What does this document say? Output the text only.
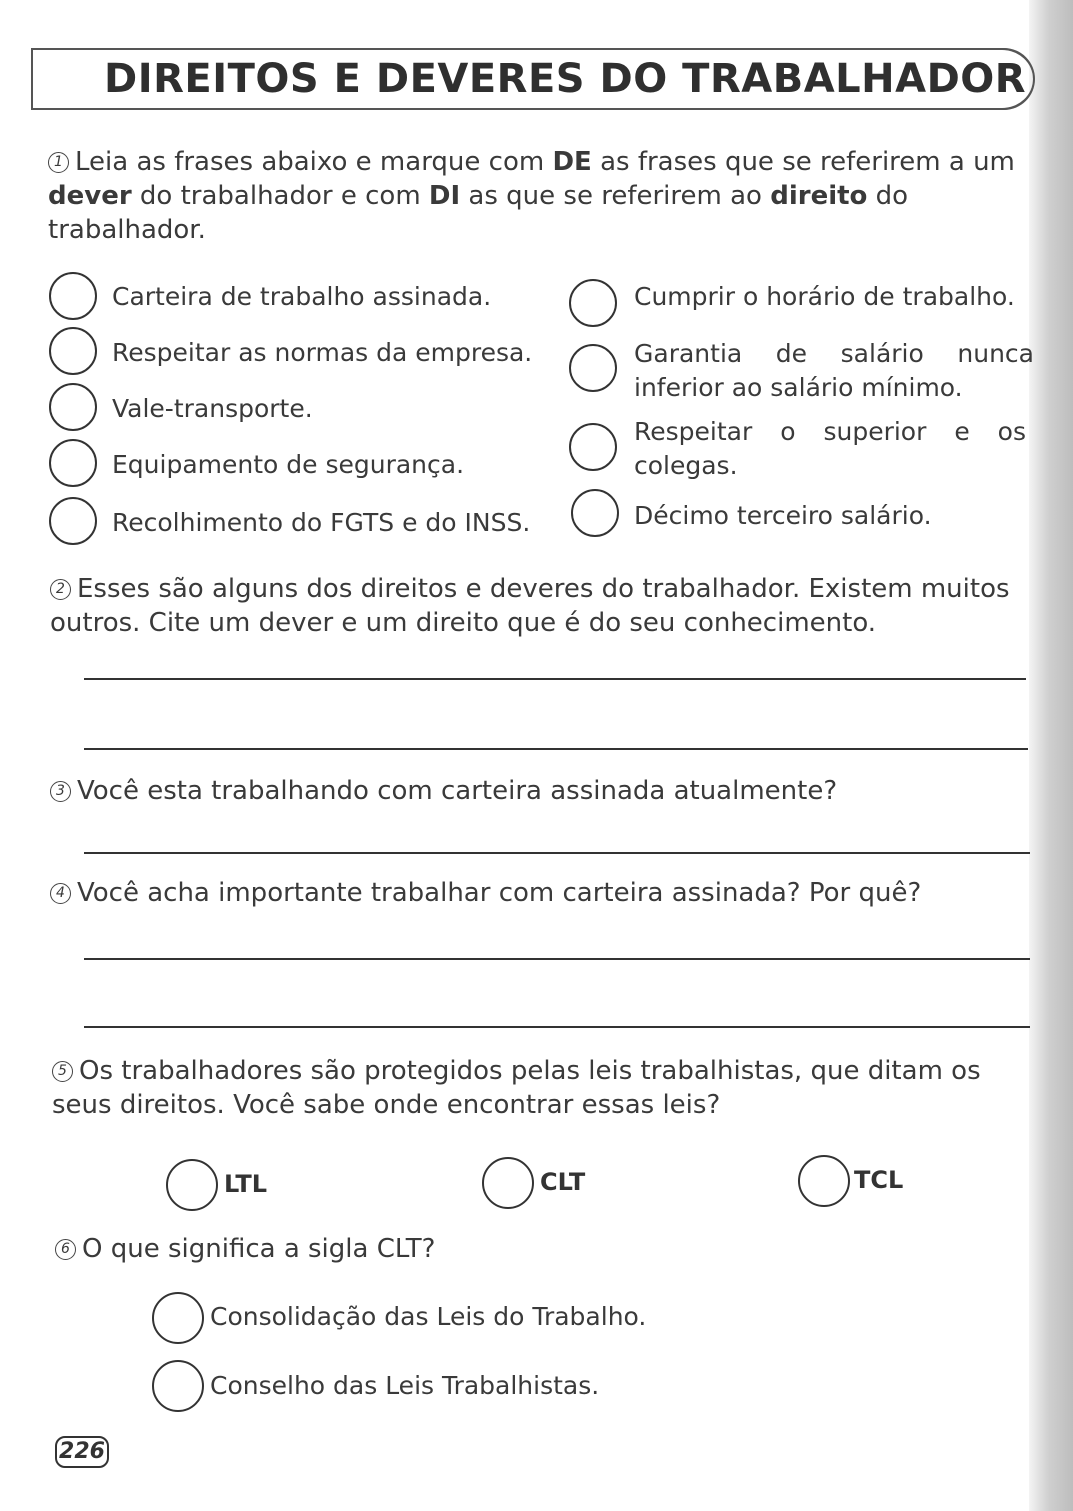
DIREITOS E DEVERES DO TRABALHADOR
1 Leia as frases abaixo e marque com DE as frases que se referirem a um dever do trabalhador e com DI as que se referirem ao direito do trabalhador.
Carteira de trabalho assinada.
Respeitar as normas da empresa.
Vale-transporte.
Equipamento de segurança.
Recolhimento do FGTS e do INSS.
Cumprir o horário de trabalho.
Garantia de salário nunca inferior ao salário mínimo.
Respeitar o superior e os colegas.
Décimo terceiro salário.
2 Esses são alguns dos direitos e deveres do trabalhador. Existem muitos outros. Cite um dever e um direito que é do seu conhecimento.
3 Você esta trabalhando com carteira assinada atualmente?
4 Você acha importante trabalhar com carteira assinada? Por quê?
5 Os trabalhadores são protegidos pelas leis trabalhistas, que ditam os seus direitos. Você sabe onde encontrar essas leis?
LTL	CLT	TCL
6 O que significa a sigla CLT?
Consolidação das Leis do Trabalho.
Conselho das Leis Trabalhistas.
226
